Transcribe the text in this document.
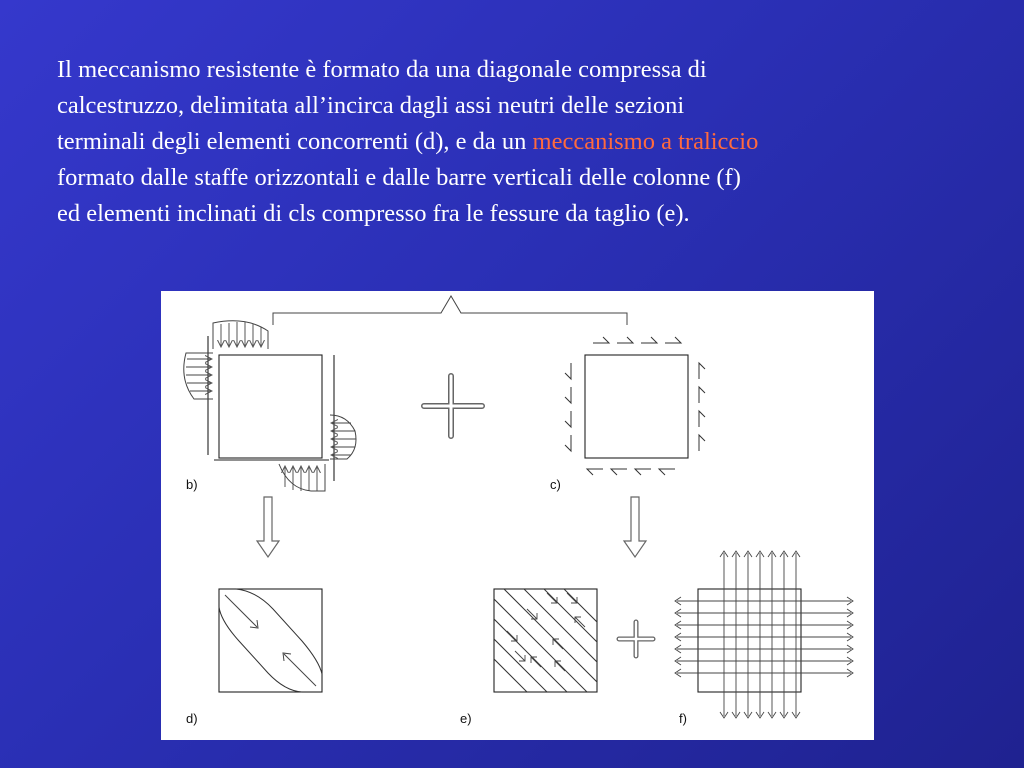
Il meccanismo resistente è formato da una diagonale compressa di
calcestruzzo, delimitata all’incirca dagli assi neutri delle sezioni
terminali degli elementi concorrenti (d), e da un meccanismo a traliccio
formato dalle staffe orizzontali e dalle barre verticali delle colonne (f)
ed elementi inclinati di cls compresso fra le fessure da taglio (e).
b)	c)
d)	e)	f)
